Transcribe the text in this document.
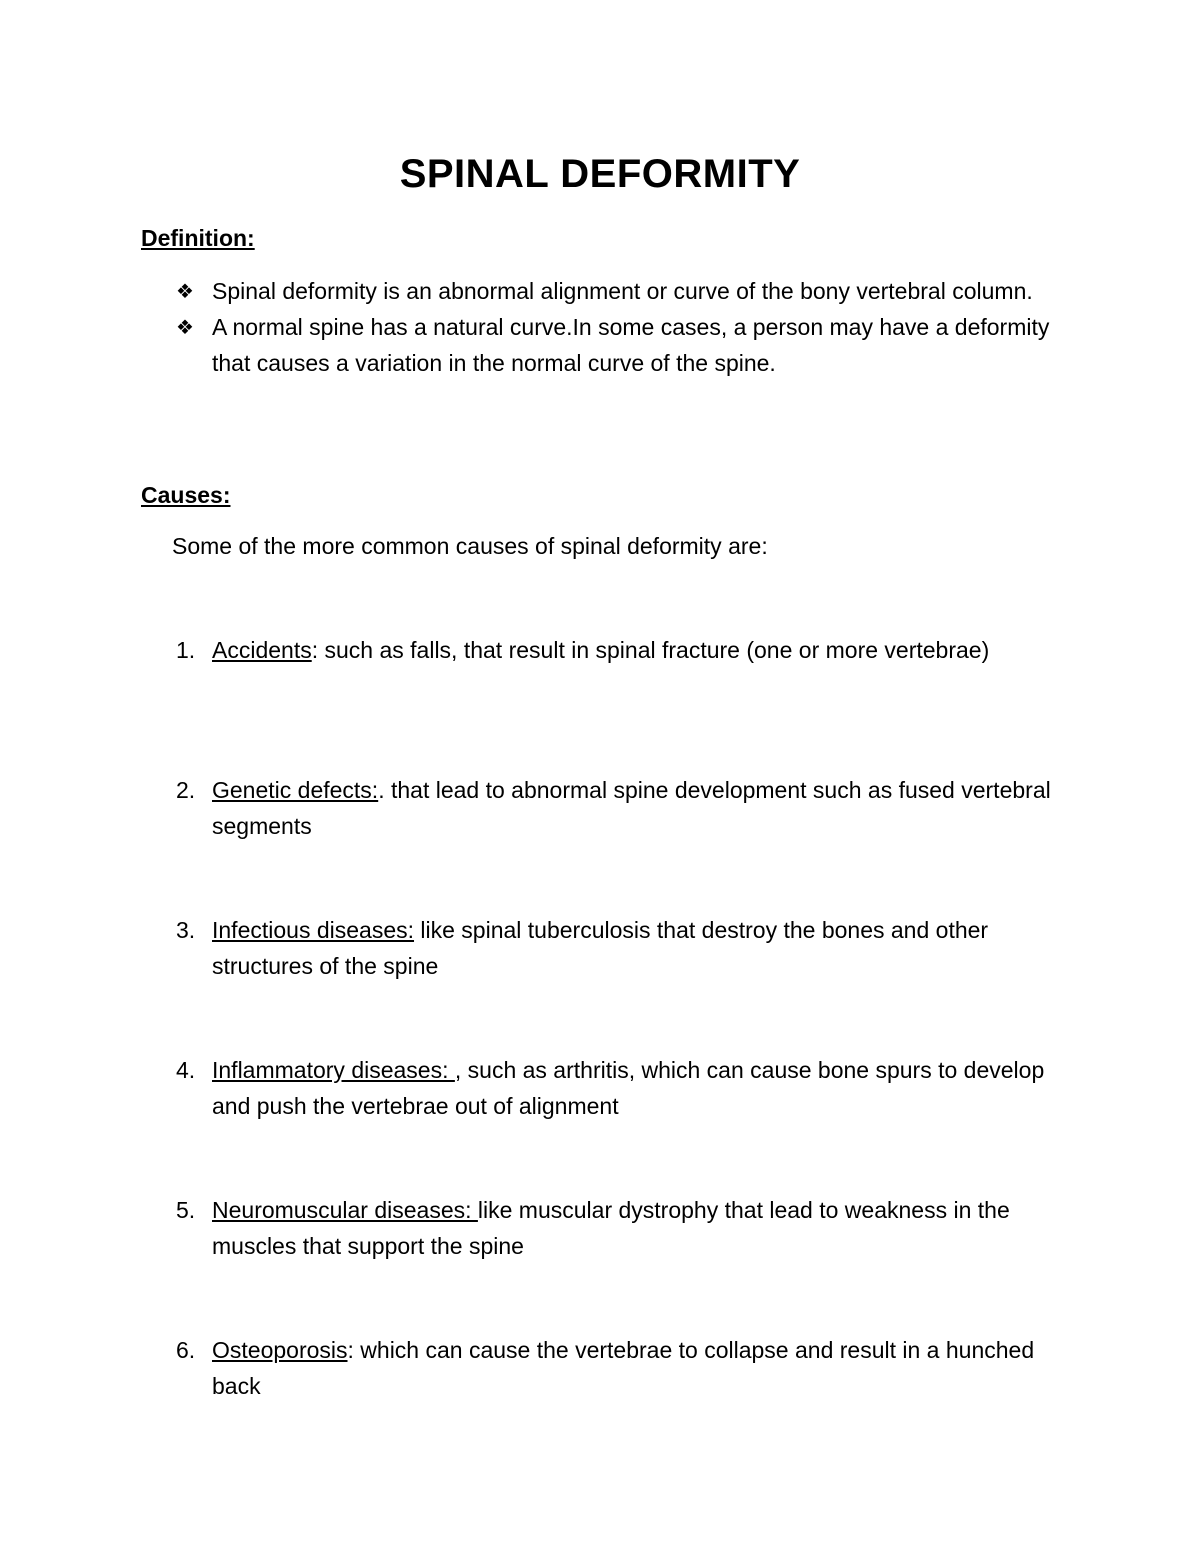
SPINAL DEFORMITY
Definition:
❖ Spinal deformity is an abnormal alignment or curve of the bony vertebral column.
❖ A normal spine has a natural curve.In some cases, a person may have a deformity that causes a variation in the normal curve of the spine.
Causes:

Some of the more common causes of spinal deformity are:

1. Accidents: such as falls, that result in spinal fracture (one or more vertebrae)
2. Genetic defects:. that lead to abnormal spine development such as fused vertebral segments
3. Infectious diseases: like spinal tuberculosis that destroy the bones and other structures of the spine
4. Inflammatory diseases: , such as arthritis, which can cause bone spurs to develop and push the vertebrae out of alignment
5. Neuromuscular diseases: like muscular dystrophy that lead to weakness in the muscles that support the spine
6. Osteoporosis: which can cause the vertebrae to collapse and result in a hunched back
